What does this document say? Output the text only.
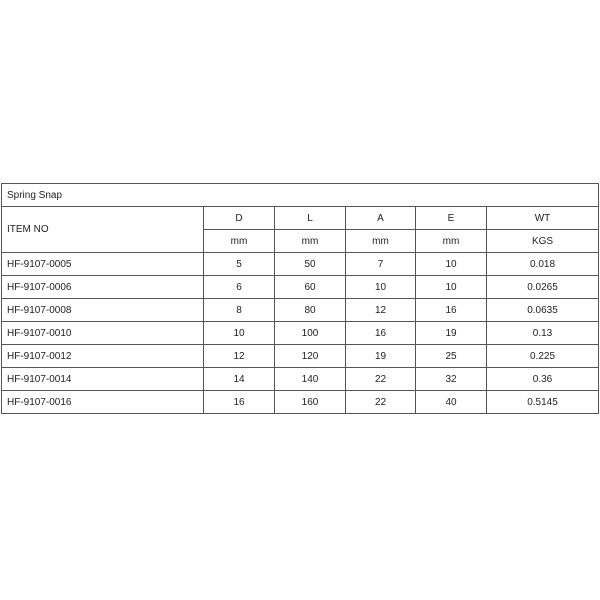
Spring Snap					
ITEM NO	D	L	A	E	WT
	mm	mm	mm	mm	KGS
HF-9107-0005	5	50	7	10	0.018
HF-9107-0006	6	60	10	10	0.0265
HF-9107-0008	8	80	12	16	0.0635
HF-9107-0010	10	100	16	19	0.13
HF-9107-0012	12	120	19	25	0.225
HF-9107-0014	14	140	22	32	0.36
HF-9107-0016	16	160	22	40	0.5145
